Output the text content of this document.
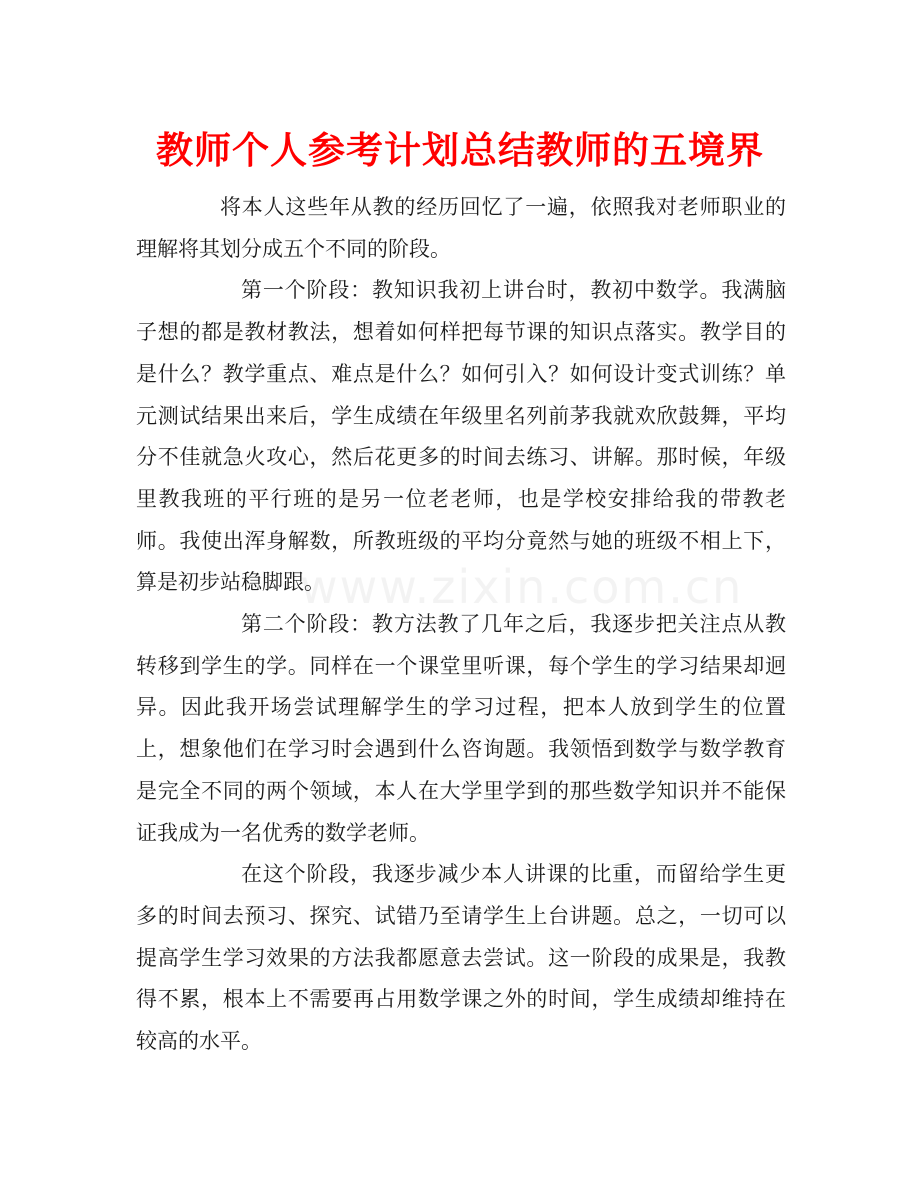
教师个人参考计划总结教师的五境界
www.zixin.com.cn

将本人这些年从教的经历回忆了一遍，依照我对老师职业的理解将其划分成五个不同的阶段。

第一个阶段：教知识我初上讲台时，教初中数学。我满脑子想的都是教材教法，想着如何样把每节课的知识点落实。教学目的是什么？教学重点、难点是什么？如何引入？如何设计变式训练？单元测试结果出来后，学生成绩在年级里名列前茅我就欢欣鼓舞，平均分不佳就急火攻心，然后花更多的时间去练习、讲解。那时候，年级里教我班的平行班的是另一位老老师，也是学校安排给我的带教老师。我使出浑身解数，所教班级的平均分竟然与她的班级不相上下，算是初步站稳脚跟。

第二个阶段：教方法教了几年之后，我逐步把关注点从教转移到学生的学。同样在一个课堂里听课，每个学生的学习结果却迥异。因此我开场尝试理解学生的学习过程，把本人放到学生的位置上，想象他们在学习时会遇到什么咨询题。我领悟到数学与数学教育是完全不同的两个领域，本人在大学里学到的那些数学知识并不能保证我成为一名优秀的数学老师。

在这个阶段，我逐步减少本人讲课的比重，而留给学生更多的时间去预习、探究、试错乃至请学生上台讲题。总之，一切可以提高学生学习效果的方法我都愿意去尝试。这一阶段的成果是，我教得不累，根本上不需要再占用数学课之外的时间，学生成绩却维持在较高的水平。
